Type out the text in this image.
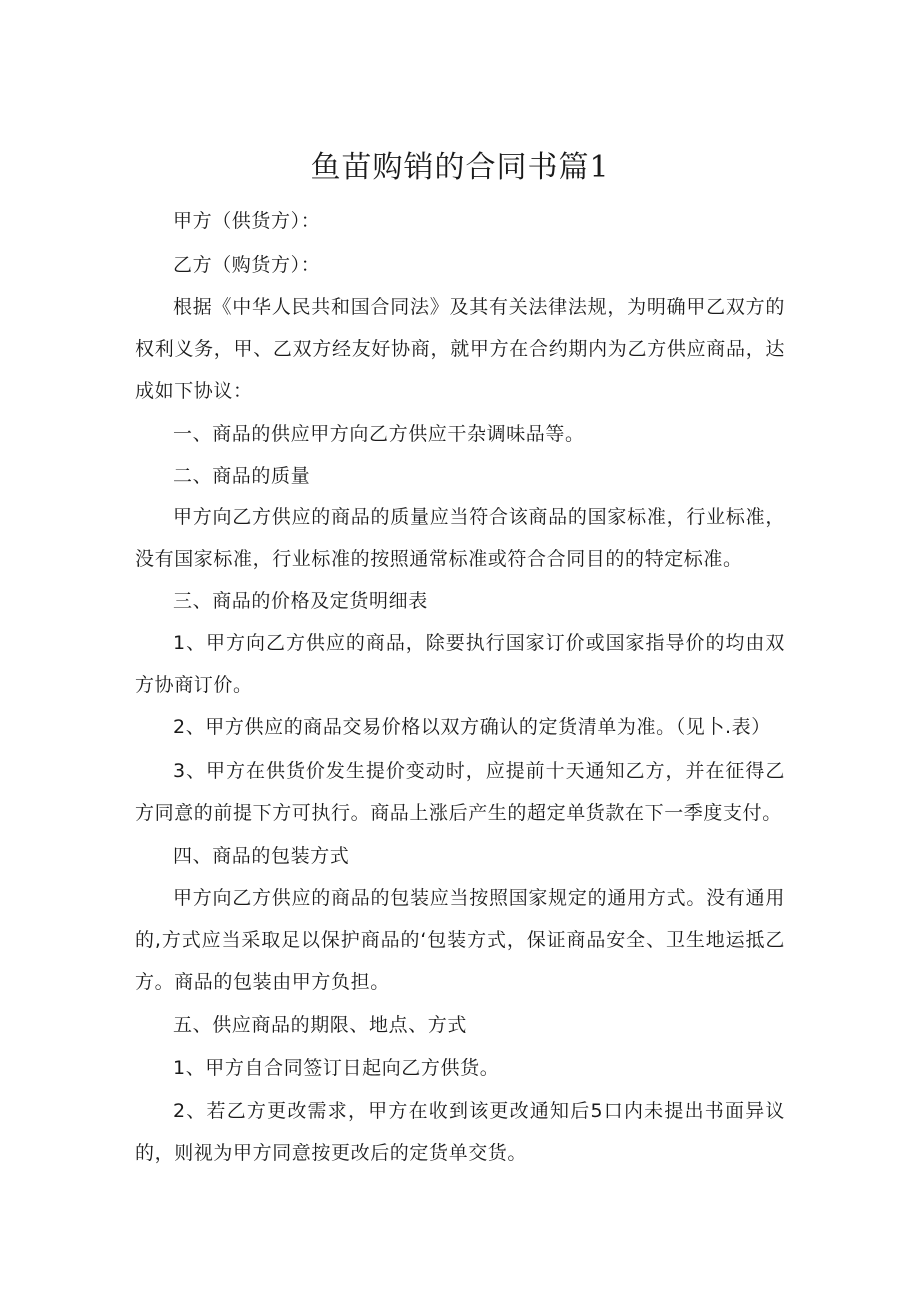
鱼苗购销的合同书篇1

甲方（供货方）：

乙方（购货方）：

根据《中华人民共和国合同法》及其有关法律法规，为明确甲乙双方的权利义务，甲、乙双方经友好协商，就甲方在合约期内为乙方供应商品，达成如下协议：

一、商品的供应甲方向乙方供应干杂调味品等。

二、商品的质量

甲方向乙方供应的商品的质量应当符合该商品的国家标准，行业标准，没有国家标准，行业标准的按照通常标准或符合合同目的的特定标准。

三、商品的价格及定货明细表

1、甲方向乙方供应的商品，除要执行国家订价或国家指导价的均由双方协商订价。

2、甲方供应的商品交易价格以双方确认的定货清单为准。（见卜.表）

3、甲方在供货价发生提价变动时，应提前十天通知乙方，并在征得乙方同意的前提下方可执行。商品上涨后产生的超定单货款在下一季度支付。

四、商品的包装方式

甲方向乙方供应的商品的包装应当按照国家规定的通用方式。没有通用的,方式应当采取足以保护商品的‘包装方式，保证商品安全、卫生地运抵乙方。商品的包装由甲方负担。

五、供应商品的期限、地点、方式

1、甲方自合同签订日起向乙方供货。

2、若乙方更改需求，甲方在收到该更改通知后5口内未提出书面异议的，则视为甲方同意按更改后的定货单交货。
